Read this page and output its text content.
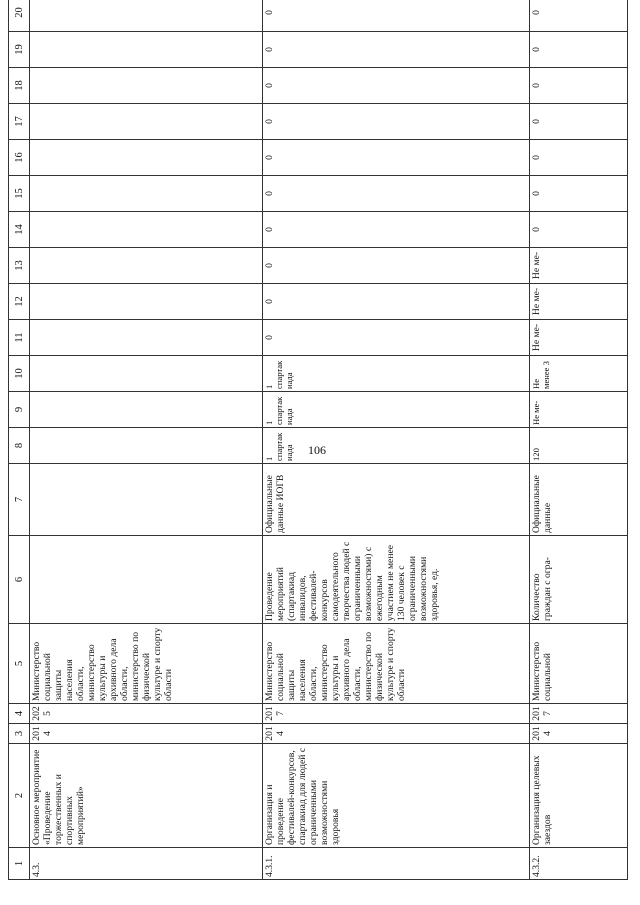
106
1	2	3	4	5	6	7	8	9	10	11	12	13	14	15	16	17	18	19	20
4.3.	Основное мероприятие «Проведение торжественных и спортивных мероприятий»	2014	2025	Министерство социальной защиты населения области, министерство культуры и архивного дела области, министерство по физической культуре и спорту области															
4.3.1.	Организация и проведение фестивалей-конкурсов, спартакиад для людей с ограниченными возможностями здоровья	2014	2017	Министерство социальной защиты населения области, министерство культуры и архивного дела области, министерство по физической культуре и спорту области	Проведение мероприятий (спартакиад инвалидов, фестивалей-конкурсов самодеятельного творчества людей с ограниченными возможностями) с ежегодным участием не менее 130 человек с ограниченными возможностями здоровья, ед.	Официальные данные ИОГВ	1 спартакиада	1 спартакиада	1 спартакиада	0	0	0	0	0	0	0	0	0	0
4.3.2.	Организация целевых заездов	2014	2017	Министерство социальной	Количество граждан с огра-	Официальные данные	120	Не ме-	Не менее 3	Не ме-	Не ме-	Не ме-	0	0	0	0	0	0	0
